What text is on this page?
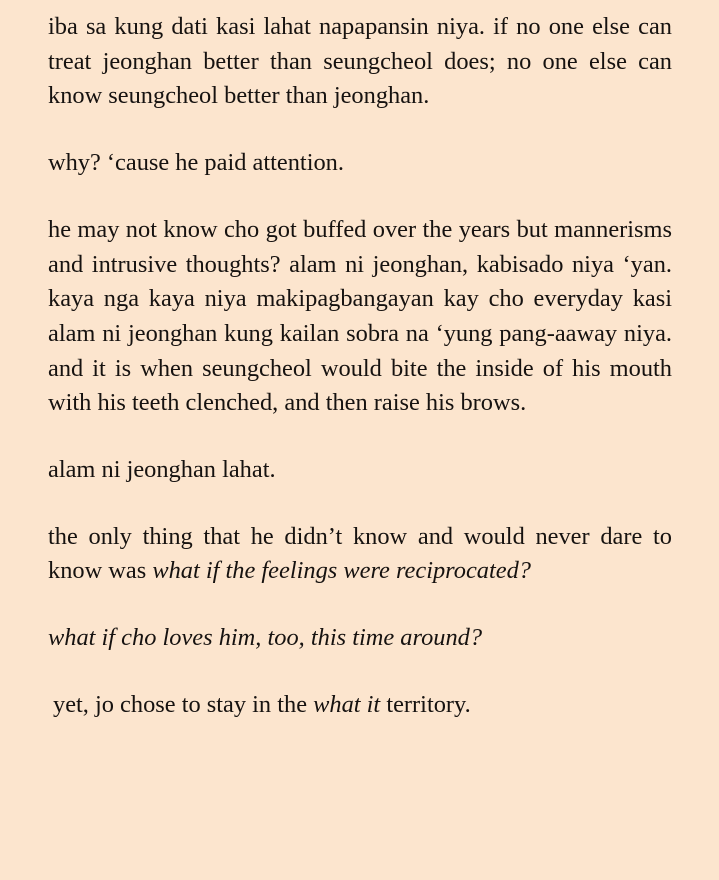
iba sa kung dati kasi lahat napapansin niya. if no one else can treat jeonghan better than seungcheol does; no one else can know seungcheol better than jeonghan.

why? ‘cause he paid attention.

he may not know cho got buffed over the years but mannerisms and intrusive thoughts? alam ni jeonghan, kabisado niya ‘yan. kaya nga kaya niya makipagbangayan kay cho everyday kasi alam ni jeonghan kung kailan sobra na ‘yung pang-aaway niya. and it is when seungcheol would bite the inside of his mouth with his teeth clenched, and then raise his brows.

alam ni jeonghan lahat.

the only thing that he didn’t know and would never dare to know was what if the feelings were reciprocated?

what if cho loves him, too, this time around?

yet, jo chose to stay in the what it territory.
